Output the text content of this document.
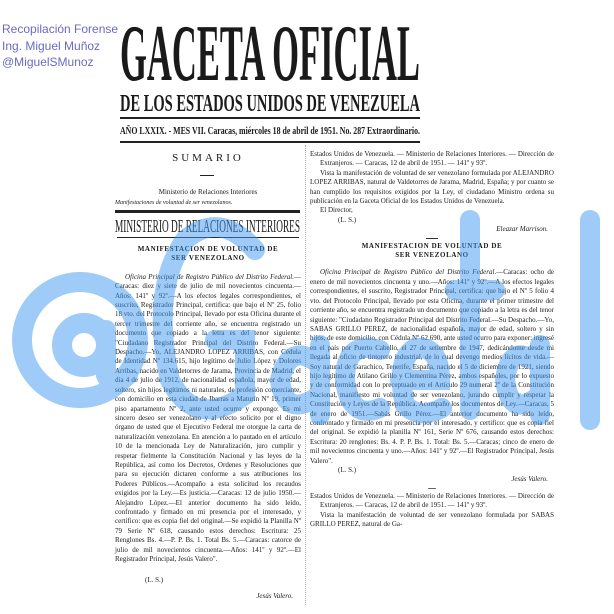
Recopilación Forense
Ing. Miguel Muñoz
@MiguelSMunoz GACETA OFICIAL
DE LOS ESTADOS UNIDOS DE VENEZUELA
AÑO LXXIX. - MES VII. Caracas, miércoles 18 de abril de 1951. No. 287 Extraordinario.
SUMARIO
Ministerio de Relaciones Interiores
Manifestaciones de voluntad de ser venezolanos.
MINISTERIO DE RELACIONES INTERIORES
MANIFESTACION DE VOLUNTAD DE
SER VENEZOLANO

Oficina Principal de Registro Público del Distrito Federal.—Caracas: diez y siete de julio de mil novecientos cincuenta.—Años: 141º y 92º.—A los efectos legales correspondientes, el suscrito, Registrador Principal, certifica: que bajo el Nº 25, folio 18 vto. del Protocolo Principal, llevado por esta Oficina durante el tercer trimestre del corriente año, se encuentra registrado un documento que copiado a la letra es del tenor siguiente: "Ciudadano Registrador Principal del Distrito Federal.—Su Despacho.—Yo, ALEJANDRO LOPEZ ARRIBAS, con Cédula de Identidad Nº 134.615, hijo legítimo de Julio López y Dolores Arribas, nacido en Valdetorres de Jarama, Provincia de Madrid, el día 4 de julio de 1912, de nacionalidad española, mayor de edad, soltero, sin hijos legítimos ni naturales, de profesión comerciante, con domicilio en esta ciudad de Ibarras a Maturín Nº 19, primer piso apartamento Nº 2, ante usted ocurro y expongo: Es mi sincero deseo ser venezolano y al efecto solicito por el digno órgano de usted que el Ejecutivo Federal me otorgue la carta de naturalización venezolana. En atención a lo pautado en el artículo 10 de la mencionada Ley de Naturalización, juro cumplir y respetar fielmente la Constitución Nacional y las leyes de la República, así como los Decretos, Ordenes y Resoluciones que para su ejecución dictaren conforme a sus atribuciones los Poderes Públicos.—Acompaño a esta solicitud los recaudos exigidos por la Ley.—Es justicia.—Caracas: 12 de julio 1950.—Alejandro López.—El anterior documento ha sido leído, confrontado y firmado en mi presencia por el interesado, y certifico: que es copia fiel del original.—Se expidió la Planilla Nº 79 Serie Nº 618, causando estos derechos: Escritura: 25 Renglones Bs. 4.—P. P. Bs. 1. Total Bs. 5.—Caracas: catorce de julio de mil novecientos cincuenta.—Años: 141º y 92º.—El Registrador Principal, Jesús Valero".

(L. S.)
Jesús Valero.

Estados Unidos de Venezuela. — Ministerio de Relaciones Interiores. — Dirección de Extranjeros. — Caracas, 12 de abril de 1951. — 141º y 93º.

Vista la manifestación de voluntad de ser venezolano formulada por ALEJANDRO LOPEZ ARRIBAS, natural de Valdetorres de Jarama, Madrid, España; y por cuanto se han cumplido los requisitos exigidos por la Ley, el ciudadano Ministro ordena su publicación en la Gaceta Oficial de los Estados Unidos de Venezuela.

El Director,

(L. S.)

Eleazar Marrison.
MANIFESTACION DE VOLUNTAD DE
SER VENEZOLANO

Oficina Principal de Registro Público del Distrito Federal.—Caracas: ocho de enero de mil novecientos cincuenta y uno.—Años: 141º y 92º.—A los efectos legales correspondientes, el suscrito, Registrador Principal, certifica: que bajo el Nº 5 folio 4 vto. del Protocolo Principal, llevado por esta Oficina, durante el primer trimestre del corriente año, se encuentra registrado un documento que copiado a la letra es del tenor siguiente: "Ciudadano Registrador Principal del Distrito Federal.—Su Despacho.—Yo, SABAS GRILLO PEREZ, de nacionalidad española, mayor de edad, soltero y sin hijos, de este domicilio, con Cédula Nº 62.690, ante usted ocurro para exponer: ingresé en el país por Puerto Cabello, el 27 de setiembre de 1947, dedicándome desde mi llegada al oficio de tintorero industrial, de lo cual devengo medios lícitos de vida.—Soy natural de Garachico, Tenerife, España, nacido el 5 de diciembre de 1921, siendo hijo legítimo de Atilano Grillo y Clementina Pérez, ambos españoles, por lo expuesto y de conformidad con lo preceptuado en el Artículo 29 numeral 2º de la Constitución Nacional, manifiesto mi voluntad de ser venezolano, jurando cumplir y respetar la Constitución y Leyes de la República. Acompaño los documentos de Ley.—Caracas, 5 de enero de 1951.—Sabás Grillo Pérez.—El anterior documento ha sido leído, confrontado y firmado en mi presencia por el interesado, y certifico: que es copia fiel del original. Se expidió la planilla Nº 161, Serie Nº 676, causando estos derechos: Escritura: 20 renglones: Bs. 4. P. P. Bs. 1. Total: Bs. 5.—Caracas; cinco de enero de mil novecientos cincuenta y uno.—Años: 141º y 92º.—El Registrador Principal, Jesús Valero".

(L. S.)

Jesús Valero.

Estados Unidos de Venezuela. — Ministerio de Relaciones Interiores. — Dirección de Extranjeros. — Caracas, 12 de abril de 1951. — 141º y 93º.

Vista la manifestación de voluntad de ser venezolano formulada por SABAS GRILLO PEREZ, natural de Ga-
